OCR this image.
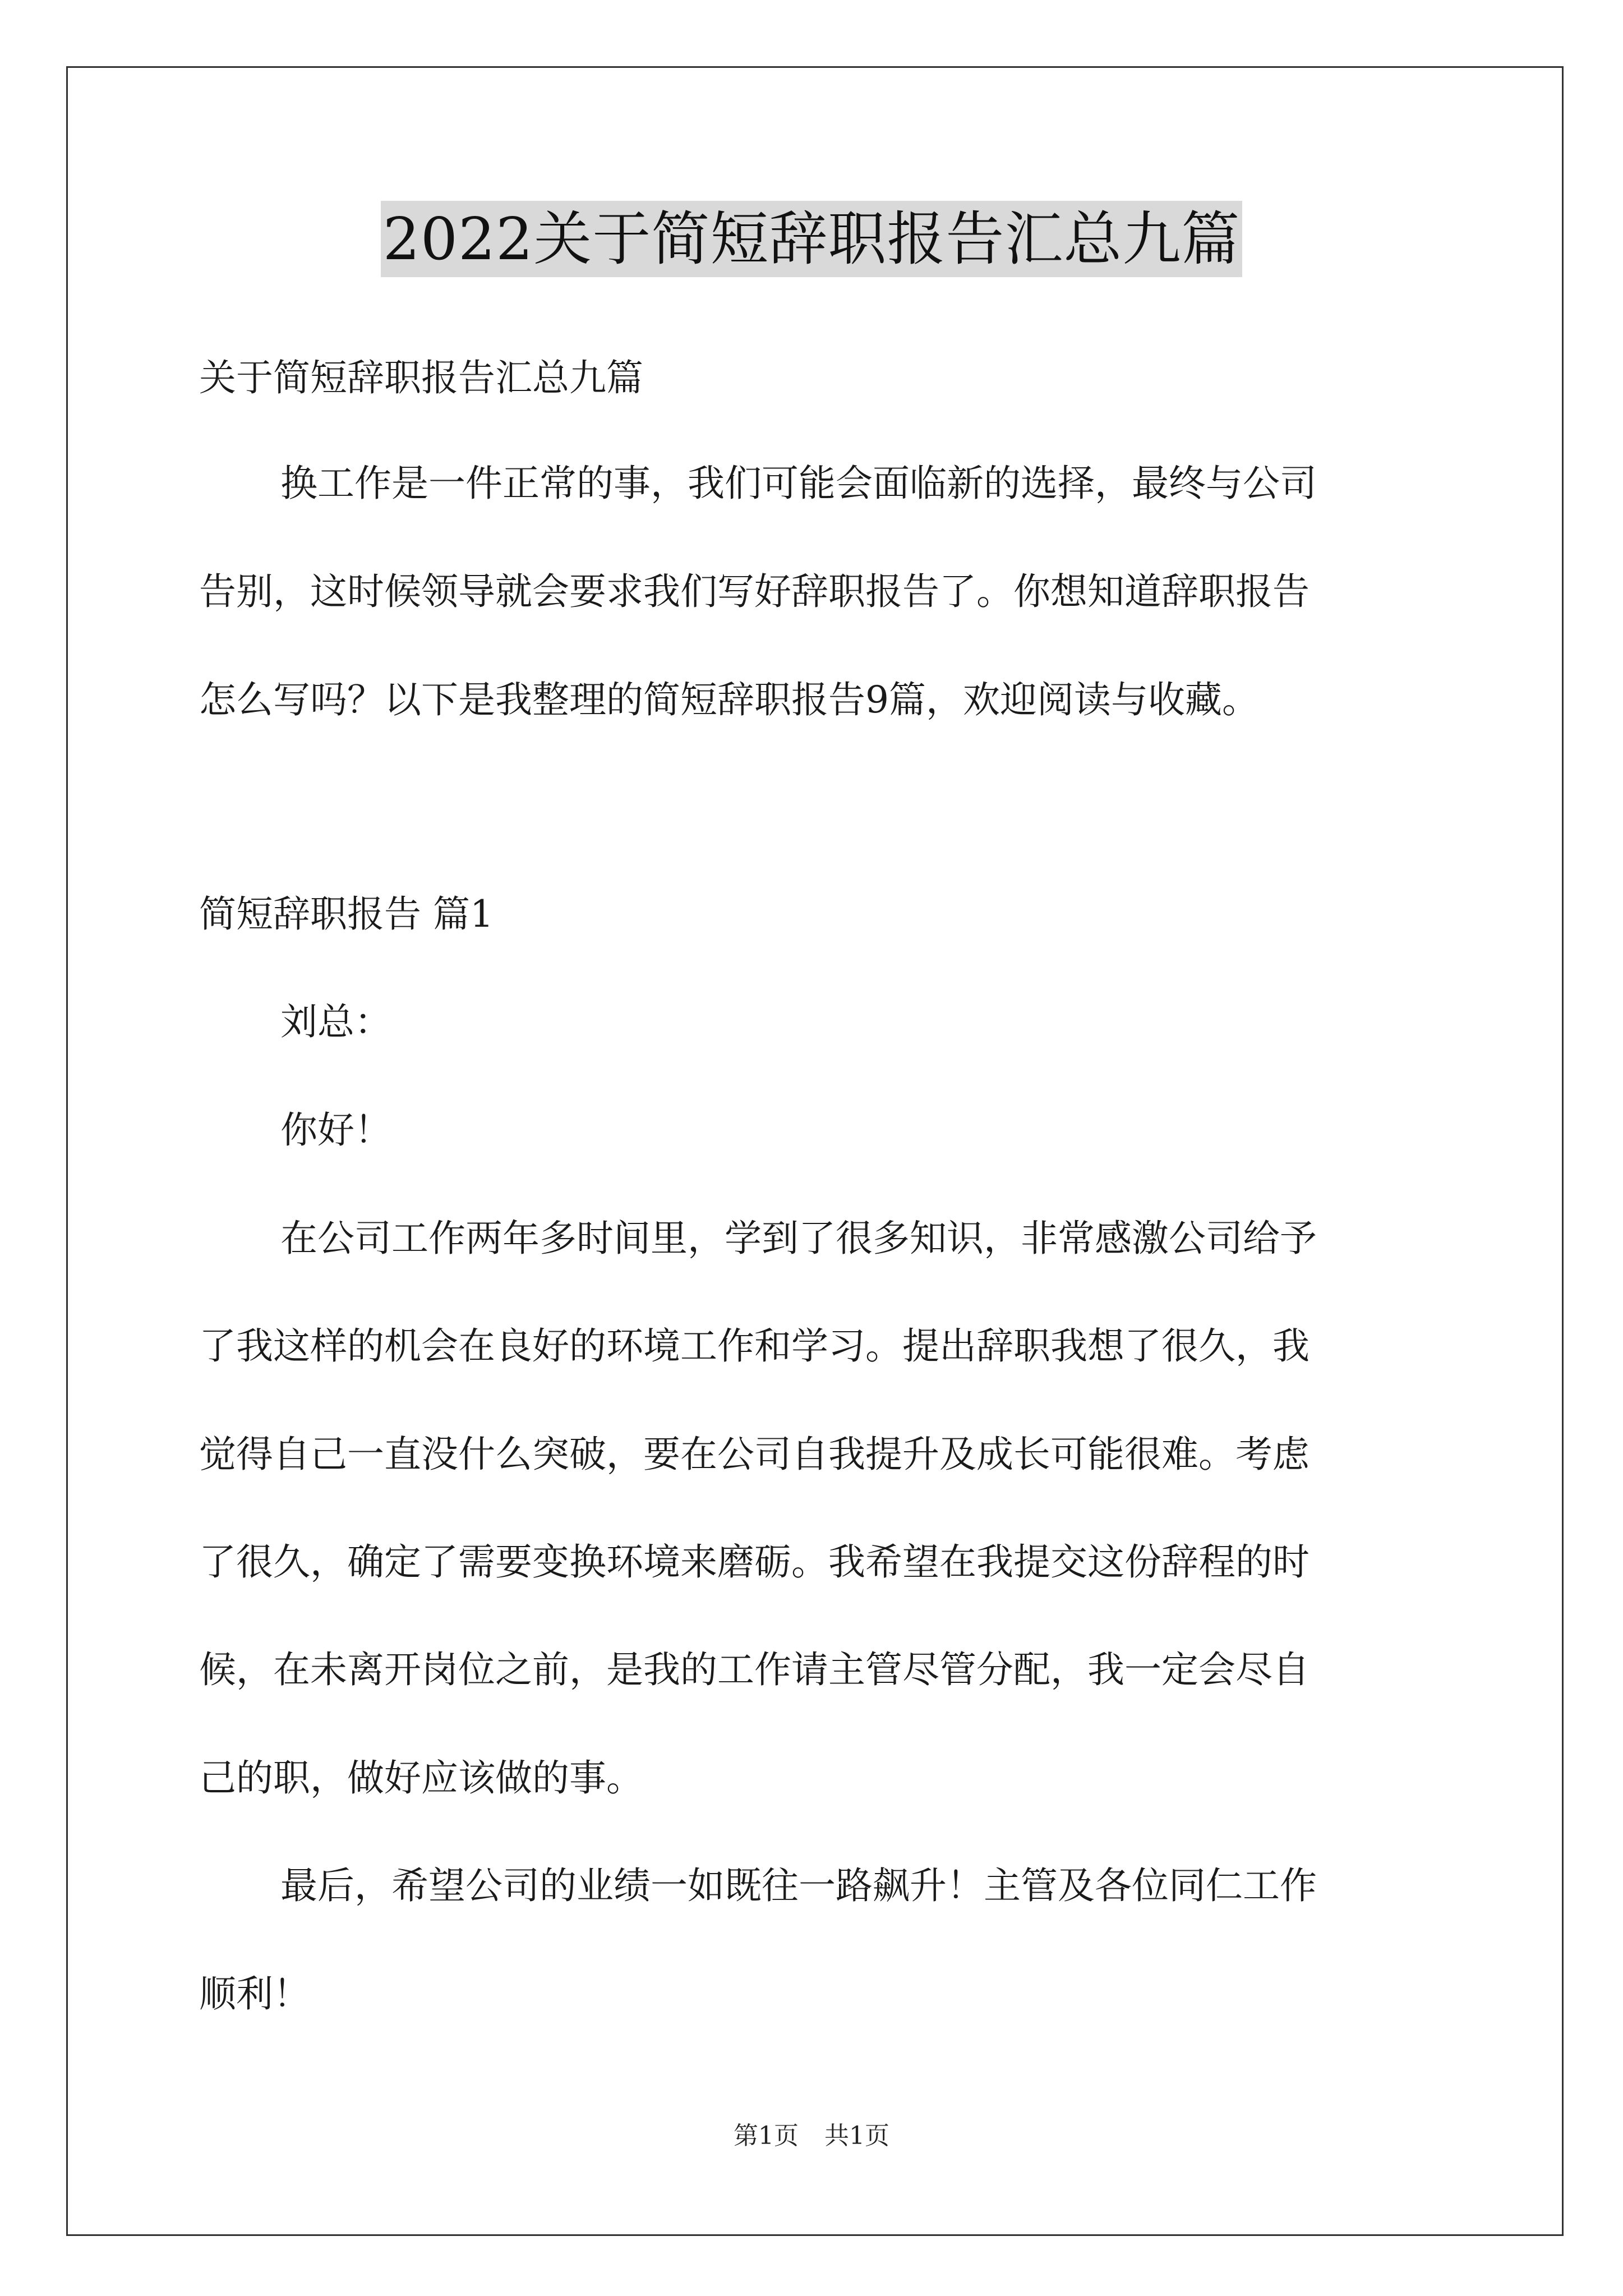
2022关于简短辞职报告汇总九篇
关于简短辞职报告汇总九篇
换工作是一件正常的事，我们可能会面临新的选择，最终与公司
告别，这时候领导就会要求我们写好辞职报告了。你想知道辞职报告
怎么写吗？以下是我整理的简短辞职报告9篇，欢迎阅读与收藏。
简短辞职报告 篇1
刘总：
你好！
在公司工作两年多时间里，学到了很多知识，非常感激公司给予
了我这样的机会在良好的环境工作和学习。提出辞职我想了很久，我
觉得自己一直没什么突破，要在公司自我提升及成长可能很难。考虑
了很久，确定了需要变换环境来磨砺。我希望在我提交这份辞程的时
候，在未离开岗位之前，是我的工作请主管尽管分配，我一定会尽自
己的职，做好应该做的事。
最后，希望公司的业绩一如既往一路飙升！主管及各位同仁工作
顺利！
第1页 共1页
